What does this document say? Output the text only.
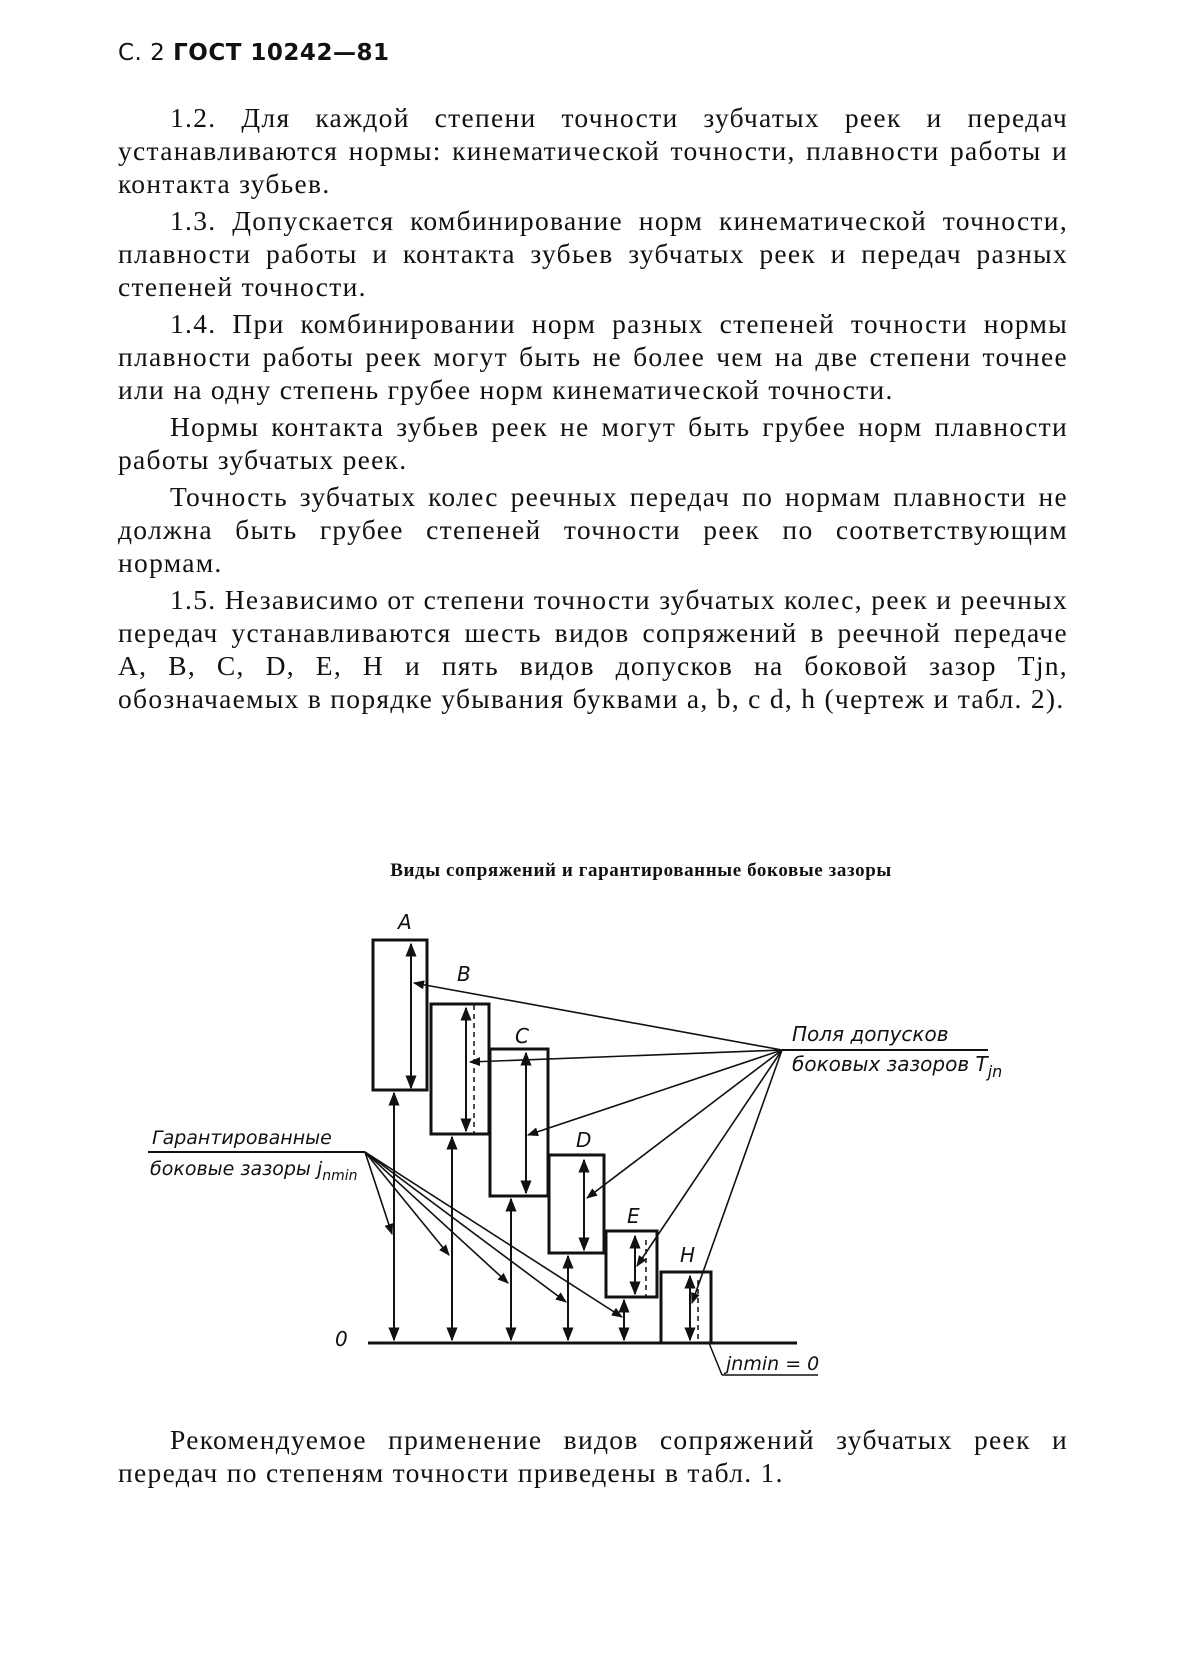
С. 2 ГОСТ 10242—81

1.2. Для каждой степени точности зубчатых реек и передач устанавливаются нормы: кинематической точности, плавности работы и контакта зубьев.

1.3. Допускается комбинирование норм кинематической точности, плавности работы и контакта зубьев зубчатых реек и передач разных степеней точности.

1.4. При комбинировании норм разных степеней точности нормы плавности работы реек могут быть не более чем на две степени точнее или на одну степень грубее норм кинематической точности.

Нормы контакта зубьев реек не могут быть грубее норм плавности работы зубчатых реек.

Точность зубчатых колес реечных передач по нормам плавности не должна быть грубее степеней точности реек по соответствующим нормам.

1.5. Независимо от степени точности зубчатых колес, реек и реечных передач устанавливаются шесть видов сопряжений в реечной передаче A, B, C, D, E, H и пять видов допусков на боковой зазор Tjn, обозначаемых в порядке убывания буквами a, b, c d, h (чертеж и табл. 2).

Виды сопряжений и гарантированные боковые зазоры
A
B
C
D
E
H
Поля допусков
боковых зазоров $T_{jn}$
Гарантированные
боковые зазоры $j_{nmin}$
0
jnmin = 0

Рекомендуемое применение видов сопряжений зубчатых реек и передач по степеням точности приведены в табл. 1.
